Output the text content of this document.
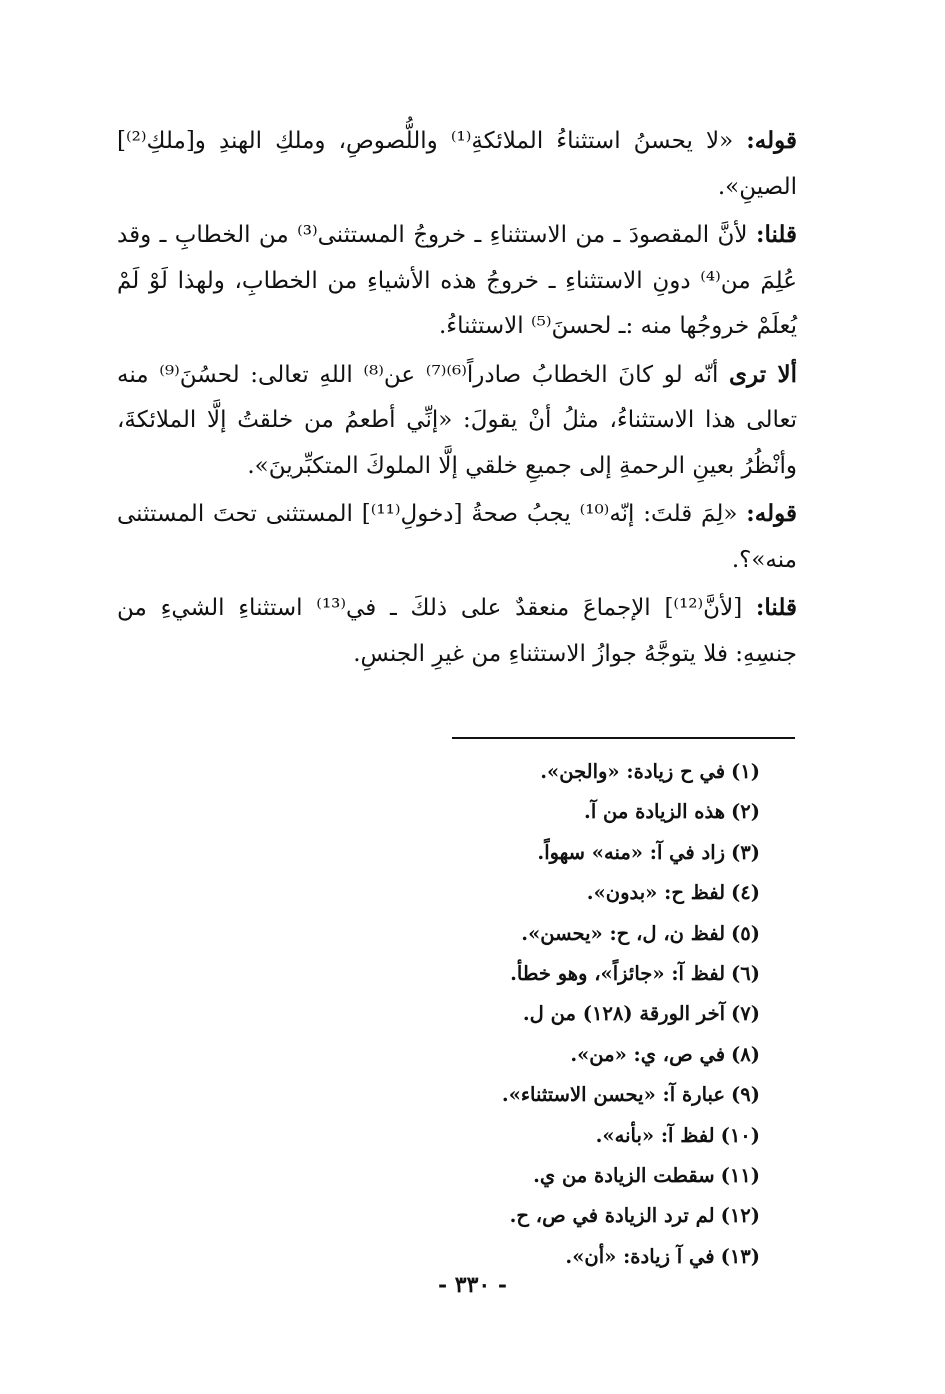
قوله: «لا يحسنُ استثناءُ الملائكةِ⁽¹⁾ واللُّصوصِ، وملكِ الهندِ و[ملكِ⁽²⁾] الصينِ».

قلنا: لأنَّ المقصودَ ـ من الاستثناءِ ـ خروجُ المستثنى⁽³⁾ من الخطابِ ـ وقد عُلِمَ من⁽⁴⁾ دونِ الاستثناءِ ـ خروجُ هذه الأشياءِ من الخطابِ، ولهذا لَوْ لَمْ يُعلَمْ خروجُها منه :ـ لحسنَ⁽⁵⁾ الاستثناءُ.

ألا ترى أنّه لو كانَ الخطابُ صادراً⁽⁶⁾⁽⁷⁾ عن⁽⁸⁾ اللهِ تعالى: لحسُنَ⁽⁹⁾ منه تعالى هذا الاستثناءُ، مثلُ أنْ يقولَ: «إنِّي أطعمُ من خلقتُ إلَّا الملائكةَ، وأنْظُرُ بعينِ الرحمةِ إلى جميعِ خلقي إلَّا الملوكَ المتكبِّرينَ».

قوله: «لِمَ قلتَ: إنّه⁽¹⁰⁾ يجبُ صحةُ [دخولِ⁽¹¹⁾] المستثنى تحتَ المستثنى منه»؟.

قلنا: [لأنَّ⁽¹²⁾] الإجماعَ منعقدٌ على ذلكَ ـ في⁽¹³⁾ استثناءِ الشيءِ من جنسِهِ: فلا يتوجَّهُ جوازُ الاستثناءِ من غيرِ الجنسِ.

(١)في ح زيادة: «والجن».
(٢)هذه الزيادة من آ.
(٣)زاد في آ: «منه» سهواً.
(٤)لفظ ح: «بدون».
(٥)لفظ ن، ل، ح: «يحسن».
(٦)لفظ آ: «جائزاً»، وهو خطأ.
(٧)آخر الورقة (١٢٨) من ل.
(٨)في ص، ي: «من».
(٩)عبارة آ: «يحسن الاستثناء».
(١٠)لفظ آ: «بأنه».
(١١)سقطت الزيادة من ي.
(١٢)لم ترد الزيادة في ص، ح.
(١٣)في آ زيادة: «أن».
- ٣٣٠ -
